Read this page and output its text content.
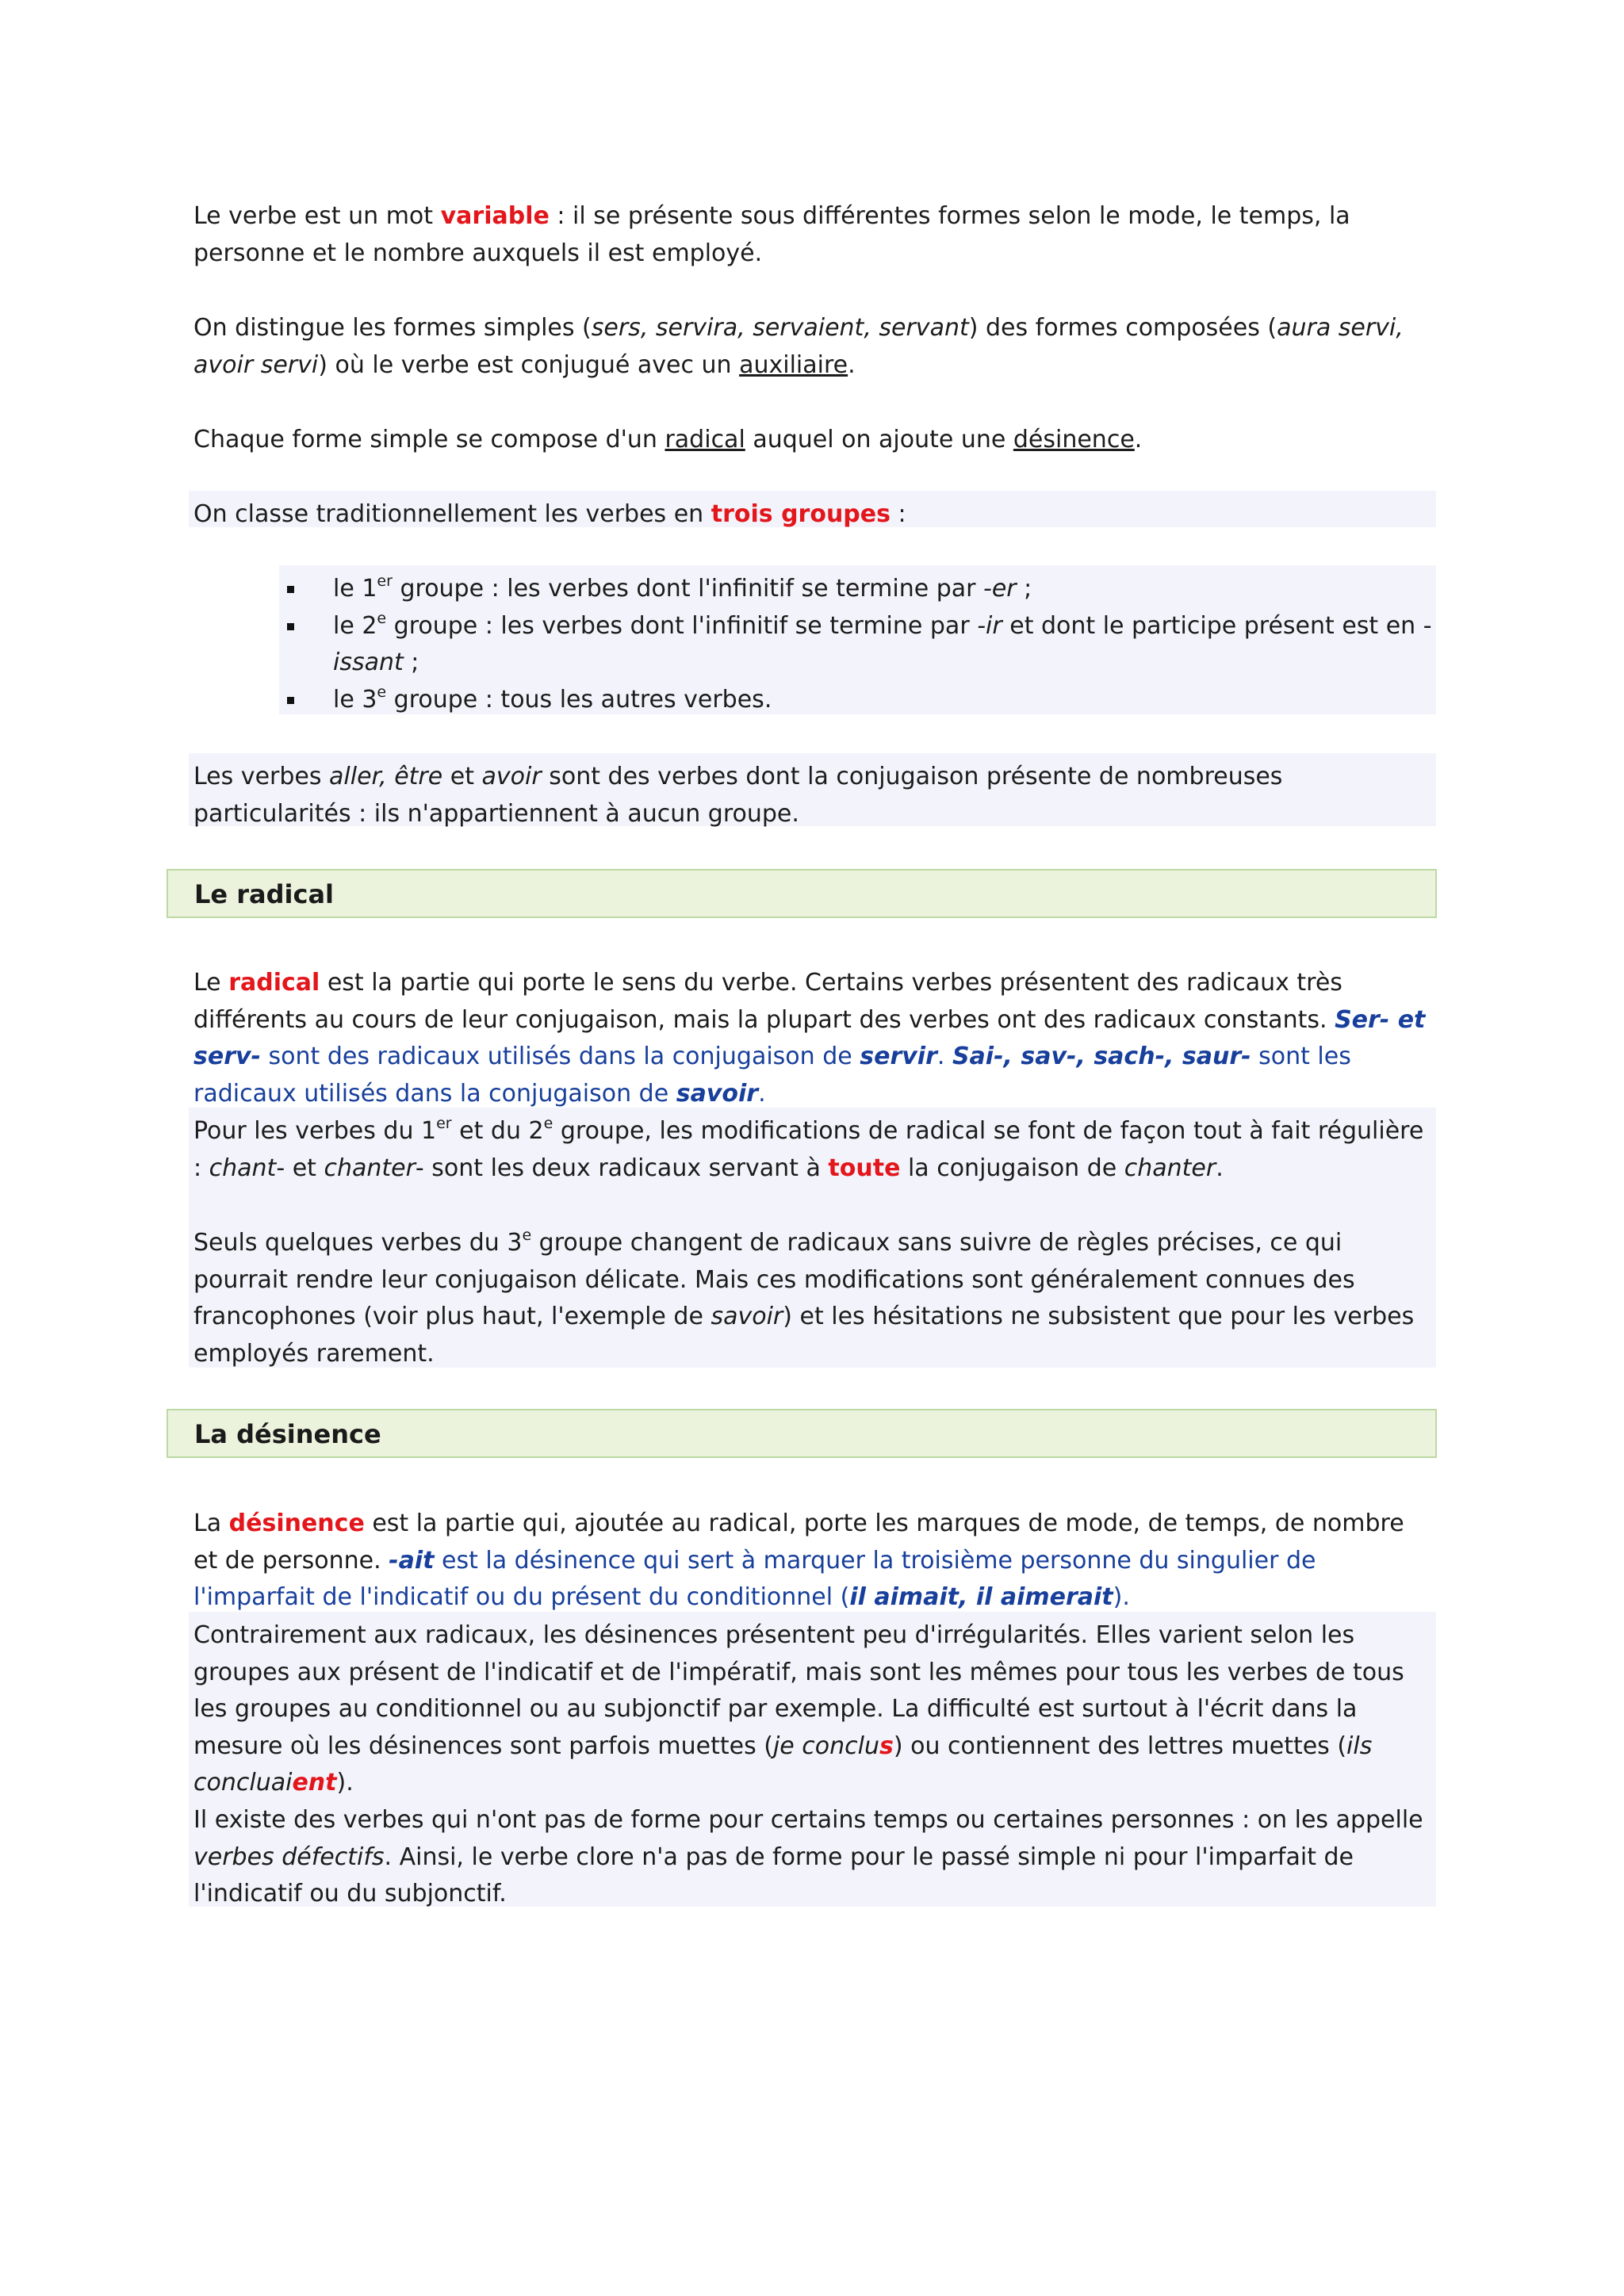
Le verbe est un mot variable : il se présente sous différentes formes selon le mode, le temps, la personne et le nombre auxquels il est employé.

On distingue les formes simples (sers, servira, servaient, servant) des formes composées (aura servi, avoir servi) où le verbe est conjugué avec un auxiliaire.

Chaque forme simple se compose d'un radical auquel on ajoute une désinence.

On classe traditionnellement les verbes en trois groupes :

le 1er groupe : les verbes dont l'infinitif se termine par -er ;
le 2e groupe : les verbes dont l'infinitif se termine par -ir et dont le participe présent est en -issant ;
le 3e groupe : tous les autres verbes.

Les verbes aller, être et avoir sont des verbes dont la conjugaison présente de nombreuses particularités : ils n'appartiennent à aucun groupe.

Le radical

Le radical est la partie qui porte le sens du verbe. Certains verbes présentent des radicaux très différents au cours de leur conjugaison, mais la plupart des verbes ont des radicaux constants. Ser- et serv- sont des radicaux utilisés dans la conjugaison de servir. Sai-, sav-, sach-, saur- sont les radicaux utilisés dans la conjugaison de savoir.

Pour les verbes du 1er et du 2e groupe, les modifications de radical se font de façon tout à fait régulière : chant- et chanter- sont les deux radicaux servant à toute la conjugaison de chanter.

Seuls quelques verbes du 3e groupe changent de radicaux sans suivre de règles précises, ce qui pourrait rendre leur conjugaison délicate. Mais ces modifications sont généralement connues des francophones (voir plus haut, l'exemple de savoir) et les hésitations ne subsistent que pour les verbes employés rarement.

La désinence

La désinence est la partie qui, ajoutée au radical, porte les marques de mode, de temps, de nombre et de personne. -ait est la désinence qui sert à marquer la troisième personne du singulier de l'imparfait de l'indicatif ou du présent du conditionnel (il aimait, il aimerait).

Contrairement aux radicaux, les désinences présentent peu d'irrégularités. Elles varient selon les groupes aux présent de l'indicatif et de l'impératif, mais sont les mêmes pour tous les verbes de tous les groupes au conditionnel ou au subjonctif par exemple. La difficulté est surtout à l'écrit dans la mesure où les désinences sont parfois muettes (je conclus) ou contiennent des lettres muettes (ils concluaient).

Il existe des verbes qui n'ont pas de forme pour certains temps ou certaines personnes : on les appelle verbes défectifs. Ainsi, le verbe clore n'a pas de forme pour le passé simple ni pour l'imparfait de l'indicatif ou du subjonctif.
